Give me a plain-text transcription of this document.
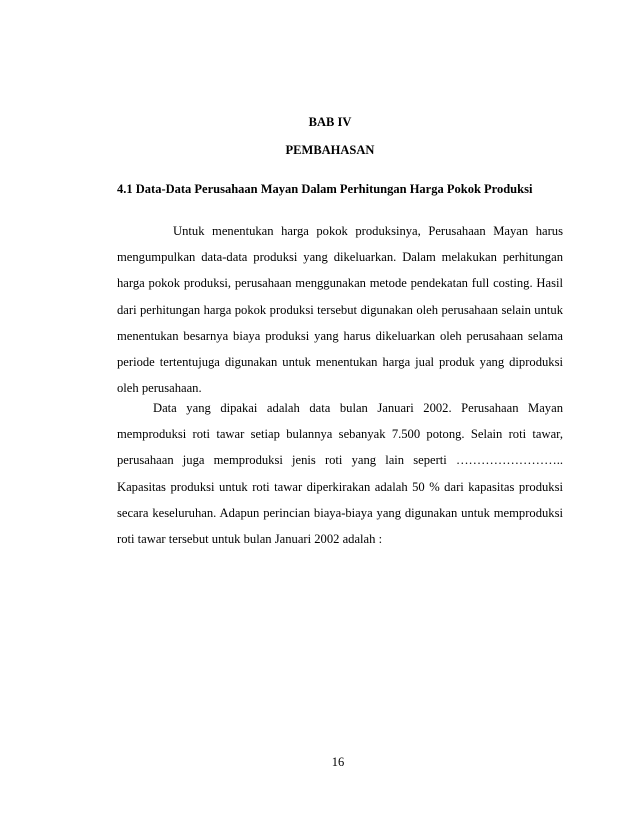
BAB IV
PEMBAHASAN
4.1 Data-Data Perusahaan Mayan Dalam Perhitungan Harga Pokok Produksi

Untuk menentukan harga pokok produksinya, Perusahaan Mayan harus mengumpulkan data-data produksi yang dikeluarkan. Dalam melakukan perhitungan harga pokok produksi, perusahaan menggunakan metode pendekatan full costing. Hasil dari perhitungan harga pokok produksi tersebut digunakan oleh perusahaan selain untuk menentukan besarnya biaya produksi yang harus dikeluarkan oleh perusahaan selama periode tertentujuga digunakan untuk menentukan harga jual produk yang diproduksi oleh perusahaan.

Data yang dipakai adalah data bulan Januari 2002. Perusahaan Mayan memproduksi roti tawar setiap bulannya sebanyak 7.500 potong. Selain roti tawar, perusahaan juga memproduksi jenis roti yang lain seperti …………………….. Kapasitas produksi untuk roti tawar diperkirakan adalah 50 % dari kapasitas produksi secara keseluruhan. Adapun perincian biaya-biaya yang digunakan untuk memproduksi roti tawar tersebut untuk bulan Januari 2002 adalah :

16
